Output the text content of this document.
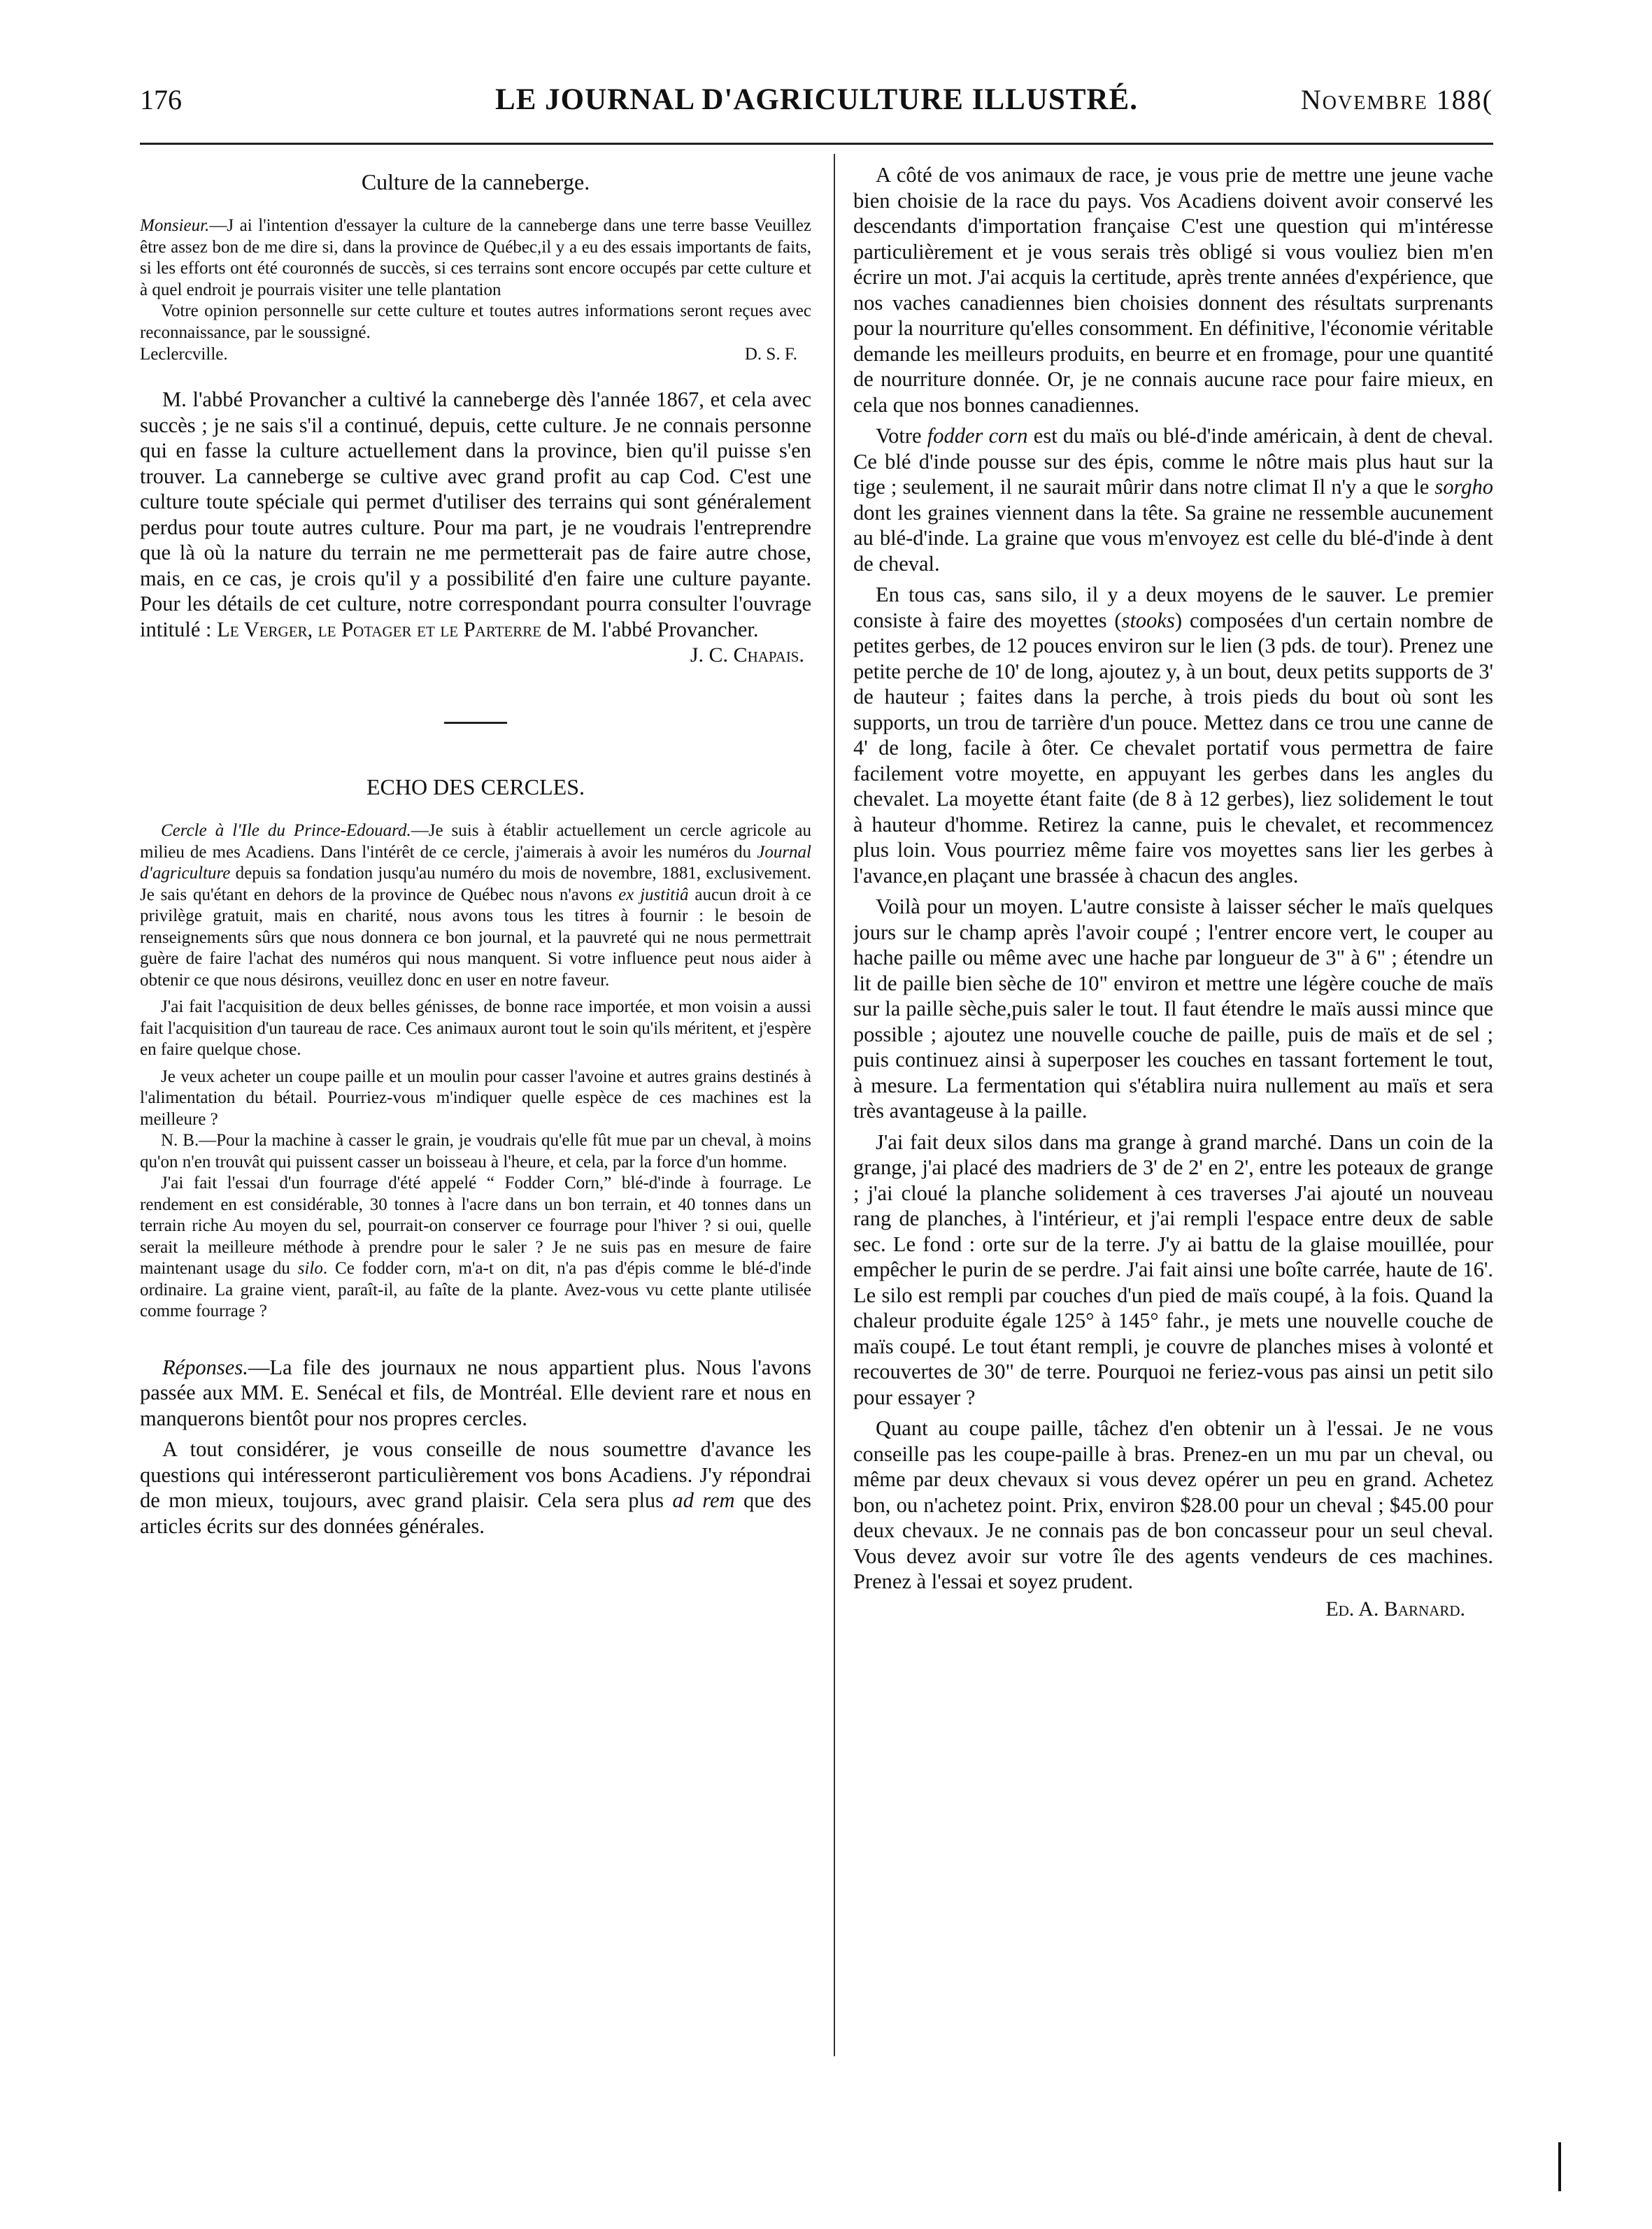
176	LE JOURNAL D'AGRICULTURE ILLUSTRÉ.	Novembre 188(
Culture de la canneberge.

Monsieur.—J ai l'intention d'essayer la culture de la canneberge dans une terre basse Veuillez être assez bon de me dire si, dans la province de Québec,il y a eu des essais importants de faits, si les efforts ont été couronnés de succès, si ces terrains sont encore occupés par cette culture et à quel endroit je pourrais visiter une telle plantation

Votre opinion personnelle sur cette culture et toutes autres informations seront reçues avec reconnaissance, par le soussigné.

Leclercville.	D. S. F.

M. l'abbé Provancher a cultivé la canneberge dès l'année 1867, et cela avec succès ; je ne sais s'il a continué, depuis, cette culture. Je ne connais personne qui en fasse la culture actuellement dans la province, bien qu'il puisse s'en trouver. La canneberge se cultive avec grand profit au cap Cod. C'est une culture toute spéciale qui permet d'utiliser des terrains qui sont généralement perdus pour toute autres culture. Pour ma part, je ne voudrais l'entreprendre que là où la nature du terrain ne me permetterait pas de faire autre chose, mais, en ce cas, je crois qu'il y a possibilité d'en faire une culture payante. Pour les détails de cet culture, notre correspondant pourra consulter l'ouvrage intitulé : Le Verger, le Potager et le Parterre de M. l'abbé Provancher.

J. C. Chapais.
ECHO DES CERCLES.

Cercle à l'Ile du Prince-Edouard.—Je suis à établir actuellement un cercle agricole au milieu de mes Acadiens. Dans l'intérêt de ce cercle, j'aimerais à avoir les numéros du Journal d'agriculture depuis sa fondation jusqu'au numéro du mois de novembre, 1881, exclusivement. Je sais qu'étant en dehors de la province de Québec nous n'avons ex justitiâ aucun droit à ce privilège gratuit, mais en charité, nous avons tous les titres à fournir : le besoin de renseignements sûrs que nous donnera ce bon journal, et la pauvreté qui ne nous permettrait guère de faire l'achat des numéros qui nous manquent. Si votre influence peut nous aider à obtenir ce que nous désirons, veuillez donc en user en notre faveur.

J'ai fait l'acquisition de deux belles génisses, de bonne race importée, et mon voisin a aussi fait l'acquisition d'un taureau de race. Ces animaux auront tout le soin qu'ils méritent, et j'espère en faire quelque chose.

Je veux acheter un coupe paille et un moulin pour casser l'avoine et autres grains destinés à l'alimentation du bétail. Pourriez-vous m'indiquer quelle espèce de ces machines est la meilleure ?

N. B.—Pour la machine à casser le grain, je voudrais qu'elle fût mue par un cheval, à moins qu'on n'en trouvât qui puissent casser un boisseau à l'heure, et cela, par la force d'un homme.

J'ai fait l'essai d'un fourrage d'été appelé “ Fodder Corn,” blé-d'inde à fourrage. Le rendement en est considérable, 30 tonnes à l'acre dans un bon terrain, et 40 tonnes dans un terrain riche Au moyen du sel, pourrait-on conserver ce fourrage pour l'hiver ? si oui, quelle serait la meilleure méthode à prendre pour le saler ? Je ne suis pas en mesure de faire maintenant usage du silo. Ce fodder corn, m'a-t on dit, n'a pas d'épis comme le blé-d'inde ordinaire. La graine vient, paraît-il, au faîte de la plante. Avez-vous vu cette plante utilisée comme fourrage ?

Réponses.—La file des journaux ne nous appartient plus. Nous l'avons passée aux MM. E. Senécal et fils, de Montréal. Elle devient rare et nous en manquerons bientôt pour nos propres cercles.

A tout considérer, je vous conseille de nous soumettre d'avance les questions qui intéresseront particulièrement vos bons Acadiens. J'y répondrai de mon mieux, toujours, avec grand plaisir. Cela sera plus ad rem que des articles écrits sur des données générales.

A côté de vos animaux de race, je vous prie de mettre une jeune vache bien choisie de la race du pays. Vos Acadiens doivent avoir conservé les descendants d'importation française C'est une question qui m'intéresse particulièrement et je vous serais très obligé si vous vouliez bien m'en écrire un mot. J'ai acquis la certitude, après trente années d'expérience, que nos vaches canadiennes bien choisies donnent des résultats surprenants pour la nourriture qu'elles consomment. En définitive, l'économie véritable demande les meilleurs produits, en beurre et en fromage, pour une quantité de nourriture donnée. Or, je ne connais aucune race pour faire mieux, en cela que nos bonnes canadiennes.

Votre fodder corn est du maïs ou blé-d'inde américain, à dent de cheval. Ce blé d'inde pousse sur des épis, comme le nôtre mais plus haut sur la tige ; seulement, il ne saurait mûrir dans notre climat Il n'y a que le sorgho dont les graines viennent dans la tête. Sa graine ne ressemble aucunement au blé-d'inde. La graine que vous m'envoyez est celle du blé-d'inde à dent de cheval.

En tous cas, sans silo, il y a deux moyens de le sauver. Le premier consiste à faire des moyettes (stooks) composées d'un certain nombre de petites gerbes, de 12 pouces environ sur le lien (3 pds. de tour). Prenez une petite perche de 10' de long, ajoutez y, à un bout, deux petits supports de 3' de hauteur ; faites dans la perche, à trois pieds du bout où sont les supports, un trou de tarrière d'un pouce. Mettez dans ce trou une canne de 4' de long, facile à ôter. Ce chevalet portatif vous permettra de faire facilement votre moyette, en appuyant les gerbes dans les angles du chevalet. La moyette étant faite (de 8 à 12 gerbes), liez solidement le tout à hauteur d'homme. Retirez la canne, puis le chevalet, et recommencez plus loin. Vous pourriez même faire vos moyettes sans lier les gerbes à l'avance,en plaçant une brassée à chacun des angles.

Voilà pour un moyen. L'autre consiste à laisser sécher le maïs quelques jours sur le champ après l'avoir coupé ; l'entrer encore vert, le couper au hache paille ou même avec une hache par longueur de 3" à 6" ; étendre un lit de paille bien sèche de 10" environ et mettre une légère couche de maïs sur la paille sèche,puis saler le tout. Il faut étendre le maïs aussi mince que possible ; ajoutez une nouvelle couche de paille, puis de maïs et de sel ; puis continuez ainsi à superposer les couches en tassant fortement le tout, à mesure. La fermentation qui s'établira nuira nullement au maïs et sera très avantageuse à la paille.

J'ai fait deux silos dans ma grange à grand marché. Dans un coin de la grange, j'ai placé des madriers de 3' de 2' en 2', entre les poteaux de grange ; j'ai cloué la planche solidement à ces traverses J'ai ajouté un nouveau rang de planches, à l'intérieur, et j'ai rempli l'espace entre deux de sable sec. Le fond : orte sur de la terre. J'y ai battu de la glaise mouillée, pour empêcher le purin de se perdre. J'ai fait ainsi une boîte carrée, haute de 16'. Le silo est rempli par couches d'un pied de maïs coupé, à la fois. Quand la chaleur produite égale 125° à 145° fahr., je mets une nouvelle couche de maïs coupé. Le tout étant rempli, je couvre de planches mises à volonté et recouvertes de 30" de terre. Pourquoi ne feriez-vous pas ainsi un petit silo pour essayer ?

Quant au coupe paille, tâchez d'en obtenir un à l'essai. Je ne vous conseille pas les coupe-paille à bras. Prenez-en un mu par un cheval, ou même par deux chevaux si vous devez opérer un peu en grand. Achetez bon, ou n'achetez point. Prix, environ $28.00 pour un cheval ; $45.00 pour deux chevaux. Je ne connais pas de bon concasseur pour un seul cheval. Vous devez avoir sur votre île des agents vendeurs de ces machines. Prenez à l'essai et soyez prudent.

Ed. A. Barnard.
